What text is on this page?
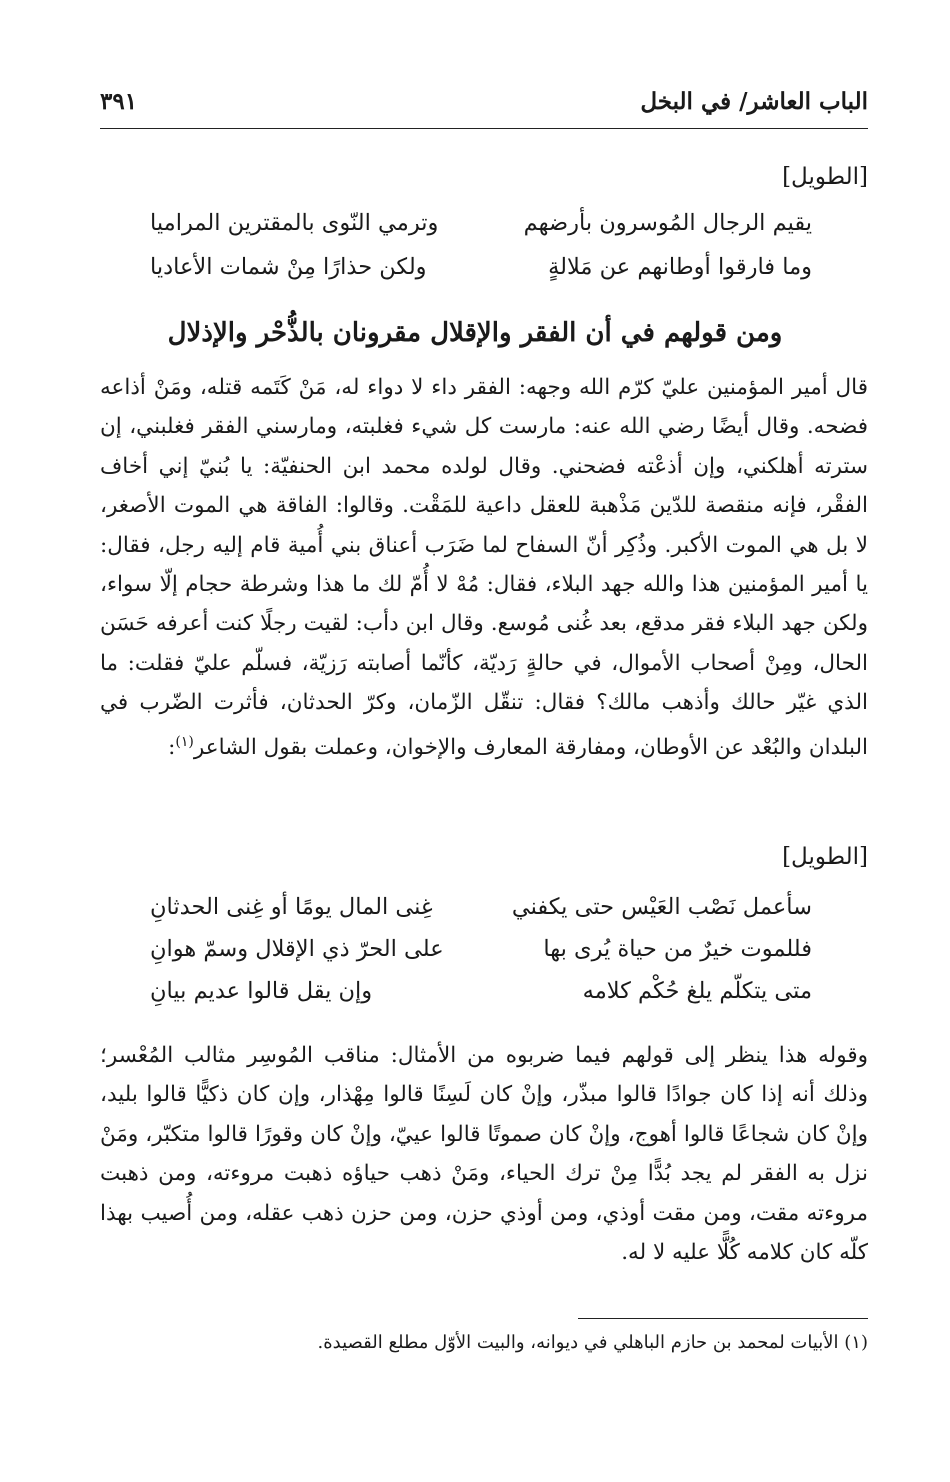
الباب العاشر/ في البخل
٣٩١
[الطويل]
يقيم الرجال المُوسرون بأرضهم
وترمي النّوى بالمقترين المراميا
وما فارقوا أوطانهم عن مَلالةٍ
ولكن حذارًا مِنْ شمات الأعاديا
ومن قولهم في أن الفقر والإقلال مقرونان بالذُّحْر والإذلال

قال أمير المؤمنين عليّ كرّم الله وجهه: الفقر داء لا دواء له، مَنْ كَتَمه قتله، ومَنْ أذاعه فضحه. وقال أيضًا رضي الله عنه: مارست كل شيء فغلبته، ومارسني الفقر فغلبني، إن سترته أهلكني، وإن أذعْته فضحني. وقال لولده محمد ابن الحنفيّة: يا بُنيّ إني أخاف الفقْر، فإنه منقصة للدّين مَذْهبة للعقل داعية للمَقْت. وقالوا: الفاقة هي الموت الأصغر، لا بل هي الموت الأكبر. وذُكِر أنّ السفاح لما ضَرَب أعناق بني أُمية قام إليه رجل، فقال: يا أمير المؤمنين هذا والله جهد البلاء، فقال: مُهْ لا أُمّ لك ما هذا وشرطة حجام إلّا سواء، ولكن جهد البلاء فقر مدقع، بعد غُنى مُوسع. وقال ابن دأب: لقيت رجلًا كنت أعرفه حَسَن الحال، ومِنْ أصحاب الأموال، في حالةٍ رَديّة، كأنّما أصابته رَزيّة، فسلّم عليّ فقلت: ما الذي غيّر حالك وأذهب مالك؟ فقال: تنقّل الزّمان، وكرّ الحدثان، فأثرت الضّرب في البلدان والبُعْد عن الأوطان، ومفارقة المعارف والإخوان، وعملت بقول الشاعر$^{(١)}$:

[الطويل]
سأعمل نَصْب العَيْس حتى يكفني
غِنى المال يومًا أو غِنى الحدثانِ
فللموت خيرٌ من حياة يُرى بها
على الحرّ ذي الإقلال وسمّ هوانِ
متى يتكلّم يلغ حُكْم كلامه
وإن يقل قالوا عديم بيانِ

وقوله هذا ينظر إلى قولهم فيما ضربوه من الأمثال: مناقب المُوسِر مثالب المُعْسر؛ وذلك أنه إذا كان جوادًا قالوا مبذّر، وإنْ كان لَسِنًا قالوا مِهْذار، وإن كان ذكيًّا قالوا بليد، وإنْ كان شجاعًا قالوا أهوج، وإنْ كان صموتًا قالوا عييّ، وإنْ كان وقورًا قالوا متكبّر، ومَنْ نزل به الفقر لم يجد بُدًّا مِنْ ترك الحياء، ومَنْ ذهب حياؤه ذهبت مروءته، ومن ذهبت مروءته مقت، ومن مقت أوذي، ومن أوذي حزن، ومن حزن ذهب عقله، ومن أُصيب بهذا كلّه كان كلامه كُلًّا عليه لا له.

(١) الأبيات لمحمد بن حازم الباهلي في ديوانه، والبيت الأوّل مطلع القصيدة.
